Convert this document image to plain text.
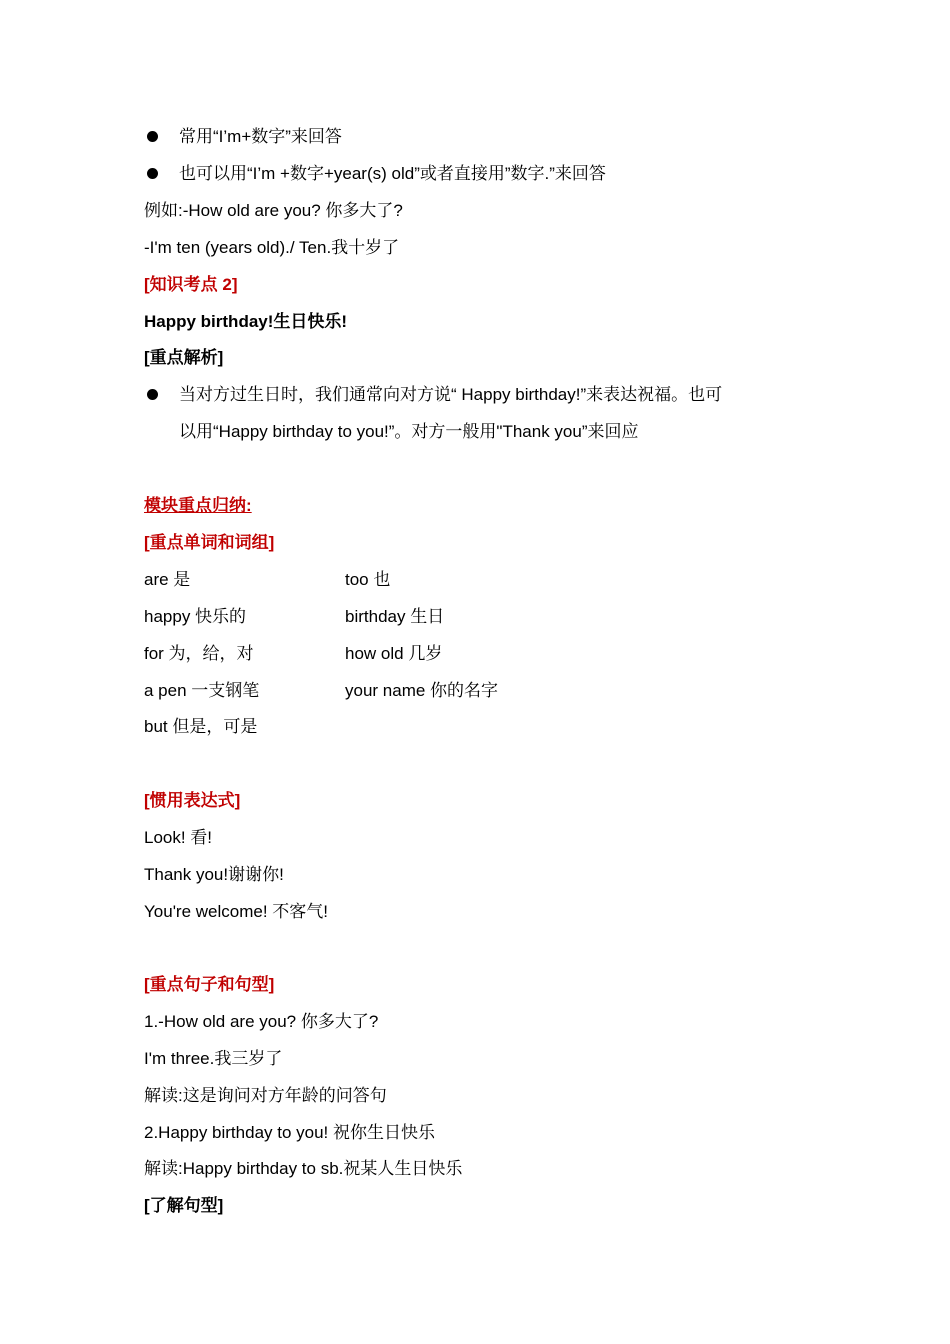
常用“I’m+数字”来回答
也可以用“I’m +数字+year(s) old”或者直接用”数字.”来回答
例如:-How old are you? 你多大了?
-I'm ten (years old)./ Ten.我十岁了
[知识考点 2]
Happy birthday!生日快乐!
[重点解析]
当对方过生日时，我们通常向对方说“ Happy birthday!”来表达祝福。也可
以用“Happy birthday to you!”。对方一般用"Thank you”来回应
模块重点归纳:
[重点单词和词组]
are 是	too 也
happy 快乐的	birthday 生日
for 为，给，对	how old 几岁
a pen 一支钢笔	your name 你的名字
but 但是，可是
[惯用表达式]
Look! 看!
Thank you!谢谢你!
You're welcome! 不客气!
[重点句子和句型]
1.-How old are you? 你多大了?
I'm three.我三岁了
解读:这是询问对方年龄的问答句
2.Happy birthday to you! 祝你生日快乐
解读:Happy birthday to sb.祝某人生日快乐
[了解句型]
